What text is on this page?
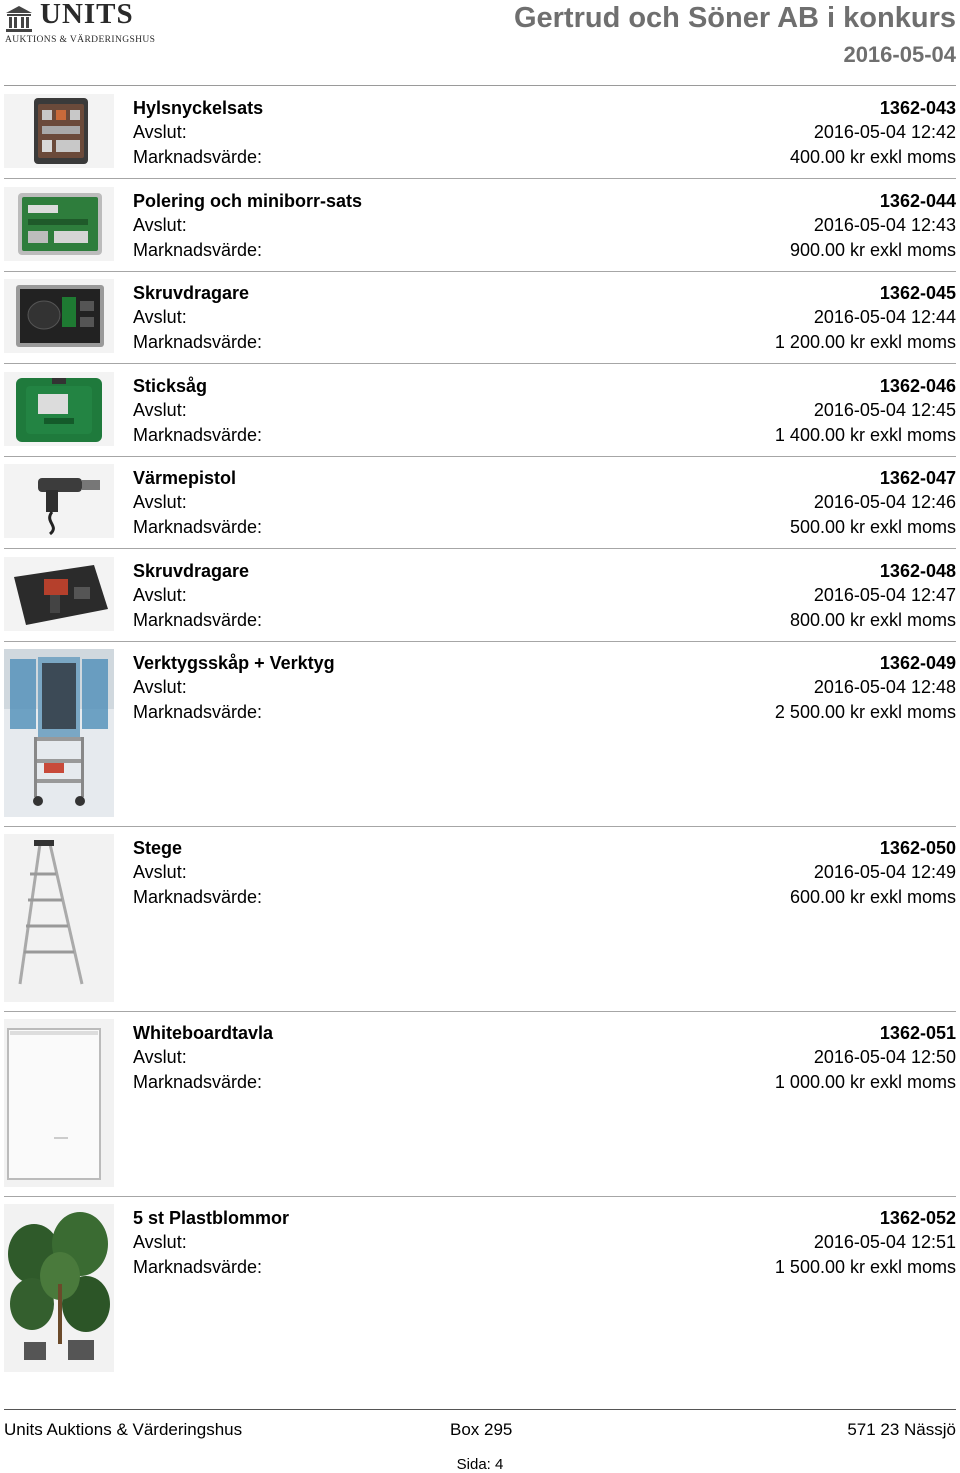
UNITS
AUKTIONS & VÄRDERINGSHUS
Gertrud och Söner AB i konkurs
2016-05-04
Hylsnyckelsats
Avslut:
Marknadsvärde:
1362-043
2016-05-04 12:42
400.00 kr exkl moms
Polering och miniborr-sats
Avslut:
Marknadsvärde:
1362-044
2016-05-04 12:43
900.00 kr exkl moms
Skruvdragare
Avslut:
Marknadsvärde:
1362-045
2016-05-04 12:44
1 200.00 kr exkl moms
Sticksåg
Avslut:
Marknadsvärde:
1362-046
2016-05-04 12:45
1 400.00 kr exkl moms
Värmepistol
Avslut:
Marknadsvärde:
1362-047
2016-05-04 12:46
500.00 kr exkl moms
Skruvdragare
Avslut:
Marknadsvärde:
1362-048
2016-05-04 12:47
800.00 kr exkl moms
Verktygsskåp + Verktyg
Avslut:
Marknadsvärde:
1362-049
2016-05-04 12:48
2 500.00 kr exkl moms
Stege
Avslut:
Marknadsvärde:
1362-050
2016-05-04 12:49
600.00 kr exkl moms
Whiteboardtavla
Avslut:
Marknadsvärde:
1362-051
2016-05-04 12:50
1 000.00 kr exkl moms
5 st Plastblommor
Avslut:
Marknadsvärde:
1362-052
2016-05-04 12:51
1 500.00 kr exkl moms
Units Auktions & Värderingshus	Box 295	571 23 Nässjö
Sida: 4
